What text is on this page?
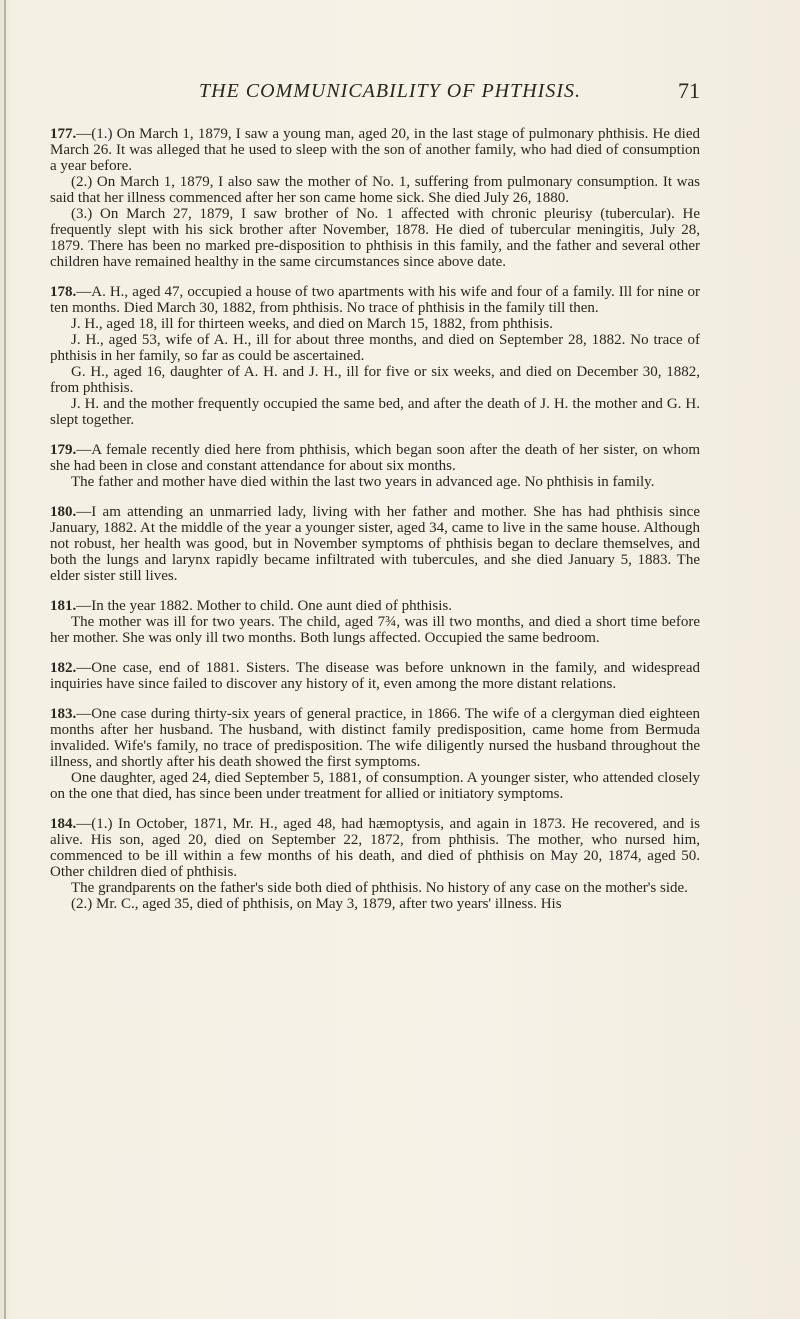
THE COMMUNICABILITY OF PHTHISIS.	71

177.—(1.) On March 1, 1879, I saw a young man, aged 20, in the last stage of pulmonary phthisis. He died March 26. It was alleged that he used to sleep with the son of another family, who had died of consumption a year before.

(2.) On March 1, 1879, I also saw the mother of No. 1, suffering from pulmonary consumption. It was said that her illness commenced after her son came home sick. She died July 26, 1880.

(3.) On March 27, 1879, I saw brother of No. 1 affected with chronic pleurisy (tubercular). He frequently slept with his sick brother after November, 1878. He died of tubercular meningitis, July 28, 1879. There has been no marked pre-disposition to phthisis in this family, and the father and several other children have remained healthy in the same circumstances since above date.

178.—A. H., aged 47, occupied a house of two apartments with his wife and four of a family. Ill for nine or ten months. Died March 30, 1882, from phthisis. No trace of phthisis in the family till then.

J. H., aged 18, ill for thirteen weeks, and died on March 15, 1882, from phthisis.

J. H., aged 53, wife of A. H., ill for about three months, and died on September 28, 1882. No trace of phthisis in her family, so far as could be ascertained.

G. H., aged 16, daughter of A. H. and J. H., ill for five or six weeks, and died on December 30, 1882, from phthisis.

J. H. and the mother frequently occupied the same bed, and after the death of J. H. the mother and G. H. slept together.

179.—A female recently died here from phthisis, which began soon after the death of her sister, on whom she had been in close and constant attendance for about six months.

The father and mother have died within the last two years in advanced age. No phthisis in family.

180.—I am attending an unmarried lady, living with her father and mother. She has had phthisis since January, 1882. At the middle of the year a younger sister, aged 34, came to live in the same house. Although not robust, her health was good, but in November symptoms of phthisis began to declare themselves, and both the lungs and larynx rapidly became infiltrated with tubercules, and she died January 5, 1883. The elder sister still lives.

181.—In the year 1882. Mother to child. One aunt died of phthisis.

The mother was ill for two years. The child, aged 7¾, was ill two months, and died a short time before her mother. She was only ill two months. Both lungs affected. Occupied the same bedroom.

182.—One case, end of 1881. Sisters. The disease was before unknown in the family, and widespread inquiries have since failed to discover any history of it, even among the more distant relations.

183.—One case during thirty-six years of general practice, in 1866. The wife of a clergyman died eighteen months after her husband. The husband, with distinct family predisposition, came home from Bermuda invalided. Wife's family, no trace of predisposition. The wife diligently nursed the husband throughout the illness, and shortly after his death showed the first symptoms.

One daughter, aged 24, died September 5, 1881, of consumption. A younger sister, who attended closely on the one that died, has since been under treatment for allied or initiatory symptoms.

184.—(1.) In October, 1871, Mr. H., aged 48, had hæmoptysis, and again in 1873. He recovered, and is alive. His son, aged 20, died on September 22, 1872, from phthisis. The mother, who nursed him, commenced to be ill within a few months of his death, and died of phthisis on May 20, 1874, aged 50. Other children died of phthisis.

The grandparents on the father's side both died of phthisis. No history of any case on the mother's side.

(2.) Mr. C., aged 35, died of phthisis, on May 3, 1879, after two years' illness. His
